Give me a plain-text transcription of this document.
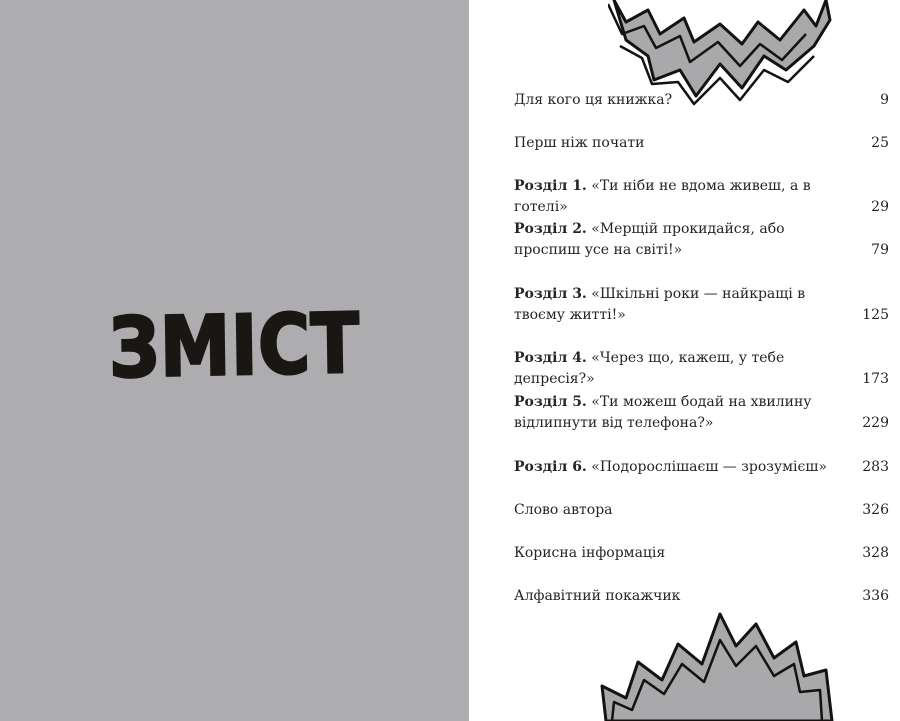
ЗМІСТ
Для кого ця книжка?	9
Перш ніж почати	25
Розділ 1. «Ти ніби не вдома живеш, а в готелі»	29
Розділ 2. «Мерщій прокидайся, або проспиш усе на світі!»	79
Розділ 3. «Шкільні роки — найкращі в твоєму житті!»	125
Розділ 4. «Через що, кажеш, у тебе депресія?»	173
Розділ 5. «Ти можеш бодай на хвилину відлипнути від телефона?»	229
Розділ 6. «Подорослішаєш — зрозумієш»	283
Слово автора	326
Корисна інформація	328
Алфавітний покажчик	336
